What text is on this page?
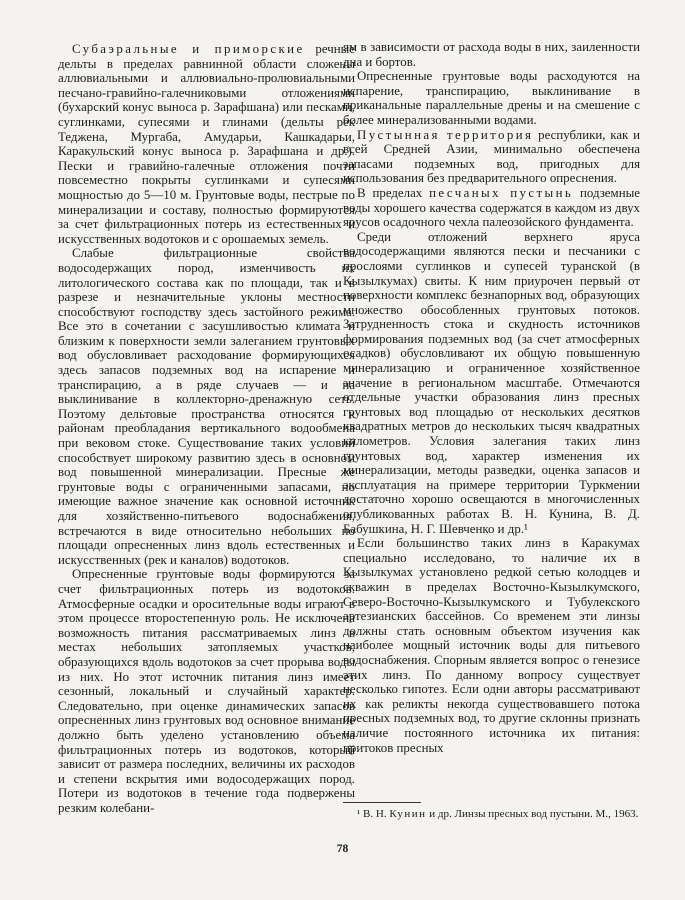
Субаэральные и приморские речные дельты в пределах равнинной области сложены аллювиальными и аллювиально-пролювиальными песчано-гравийно-галечниковыми отложениями (бухарский конус выноса р. Зарафшана) или песками, суглинками, супесями и глинами (дельты рек Теджена, Мургаба, Амударьи, Кашкадарьи, Каракульский конус выноса р. Зарафшана и др.). Пески и гравийно-галечные отложения почти повсеместно покрыты суглинками и супесями мощностью до 5—10 м. Грунтовые воды, пестрые по минерализации и составу, полностью формируются за счет фильтрационных потерь из естественных и искусственных водотоков и с орошаемых земель.

Слабые фильтрационные свойства водосодержащих пород, изменчивость их литологического состава как по площади, так и в разрезе и незначительные уклоны местности способствуют господству здесь застойного режима. Все это в сочетании с засушливостью климата и близким к поверхности земли залеганием грунтовых вод обусловливает расходование формирующихся здесь запасов подземных вод на испарение и транспирацию, а в ряде случаев — и на выклинивание в коллекторно-дренажную сеть. Поэтому дельтовые пространства относятся к районам преобладания вертикального водообмена при вековом стоке. Существование таких условий способствует широкому развитию здесь в основном вод повышенной минерализации. Пресные же грунтовые воды с ограниченными запасами, но имеющие важное значение как основной источник для хозяйственно-питьевого водоснабжения, встречаются в виде относительно небольших по площади опресненных линз вдоль естественных и искусственных (рек и каналов) водотоков.

Опресненные грунтовые воды формируются за счет фильтрационных потерь из водотоков. Атмосферные осадки и оросительные воды играют в этом процессе второстепенную роль. Не исключена возможность питания рассматриваемых линз в местах небольших затопляемых участков, образующихся вдоль водотоков за счет прорыва воды из них. Но этот источник питания линз имеет сезонный, локальный и случайный характер. Следовательно, при оценке динамических запасов опресненных линз грунтовых вод основное внимание должно быть уделено установлению объема фильтрационных потерь из водотоков, который зависит от размера последних, величины их расходов и степени вскрытия ими водосодержащих пород. Потери из водотоков в течение года подвержены резким колебани-

ям в зависимости от расхода воды в них, заиленности дна и бортов.

Опресненные грунтовые воды расходуются на испарение, транспирацию, выклинивание в приканальные параллельные дрены и на смешение с более минерализованными водами.

Пустынная территория республики, как и всей Средней Азии, минимально обеспечена запасами подземных вод, пригодных для использования без предварительного опреснения.

В пределах песчаных пустынь подземные воды хорошего качества содержатся в каждом из двух ярусов осадочного чехла палеозойского фундамента.

Среди отложений верхнего яруса водосодержащими являются пески и песчаники с прослоями суглинков и супесей туранской (в Кызылкумах) свиты. К ним приурочен первый от поверхности комплекс безнапорных вод, образующих множество обособленных грунтовых потоков. Затрудненность стока и скудность источников формирования подземных вод (за счет атмосферных осадков) обусловливают их общую повышенную минерализацию и ограниченное хозяйственное значение в региональном масштабе. Отмечаются отдельные участки образования линз пресных грунтовых вод площадью от нескольких десятков квадратных метров до нескольких тысяч квадратных километров. Условия залегания таких линз грунтовых вод, характер изменения их минерализации, методы разведки, оценка запасов и эксплуатация на примере территории Туркмении достаточно хорошо освещаются в многочисленных опубликованных работах В. Н. Кунина, В. Д. Бабушкина, Н. Г. Шевченко и др.¹

Если большинство таких линз в Каракумах специально исследовано, то наличие их в Кызылкумах установлено редкой сетью колодцев и скважин в пределах Восточно-Кызылкумского, Северо-Восточно-Кызылкумского и Тубулекского артезианских бассейнов. Со временем эти линзы должны стать основным объектом изучения как наиболее мощный источник воды для питьевого водоснабжения. Спорным является вопрос о генезисе этих линз. По данному вопросу существует несколько гипотез. Если одни авторы рассматривают их как реликты некогда существовавшего потока пресных подземных вод, то другие склонны признать наличие постоянного источника их питания: притоков пресных

¹ В. Н. Кунин и др. Линзы пресных вод пустыни. М., 1963.

78
